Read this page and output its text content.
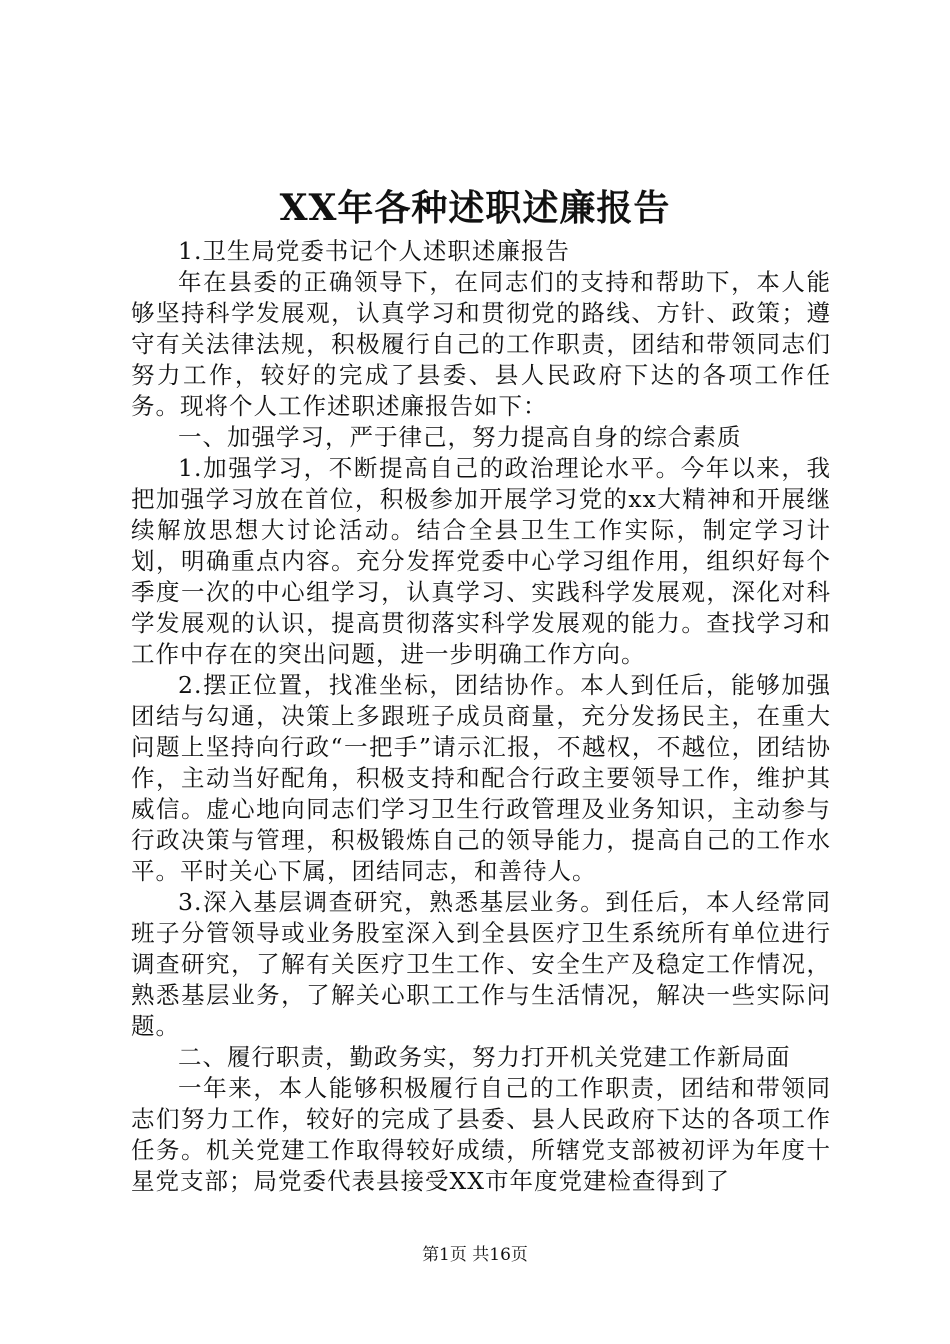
XX年各种述职述廉报告

1.卫生局党委书记个人述职述廉报告

年在县委的正确领导下，在同志们的支持和帮助下，本人能够坚持科学发展观，认真学习和贯彻党的路线、方针、政策；遵守有关法律法规，积极履行自己的工作职责，团结和带领同志们努力工作，较好的完成了县委、县人民政府下达的各项工作任务。现将个人工作述职述廉报告如下：

一、加强学习，严于律己，努力提高自身的综合素质

1.加强学习，不断提高自己的政治理论水平。今年以来，我把加强学习放在首位，积极参加开展学习党的xx大精神和开展继续解放思想大讨论活动。结合全县卫生工作实际，制定学习计划，明确重点内容。充分发挥党委中心学习组作用，组织好每个季度一次的中心组学习，认真学习、实践科学发展观，深化对科学发展观的认识，提高贯彻落实科学发展观的能力。查找学习和工作中存在的突出问题，进一步明确工作方向。

2.摆正位置，找准坐标，团结协作。本人到任后，能够加强团结与勾通，决策上多跟班子成员商量，充分发扬民主，在重大问题上坚持向行政“一把手”请示汇报，不越权，不越位，团结协作，主动当好配角，积极支持和配合行政主要领导工作，维护其威信。虚心地向同志们学习卫生行政管理及业务知识，主动参与行政决策与管理，积极锻炼自己的领导能力，提高自己的工作水平。平时关心下属，团结同志，和善待人。

3.深入基层调查研究，熟悉基层业务。到任后，本人经常同班子分管领导或业务股室深入到全县医疗卫生系统所有单位进行调查研究，了解有关医疗卫生工作、安全生产及稳定工作情况，熟悉基层业务，了解关心职工工作与生活情况，解决一些实际问题。

二、履行职责，勤政务实，努力打开机关党建工作新局面

一年来，本人能够积极履行自己的工作职责，团结和带领同志们努力工作，较好的完成了县委、县人民政府下达的各项工作任务。机关党建工作取得较好成绩，所辖党支部被初评为年度十星党支部；局党委代表县接受XX市年度党建检查得到了

第1页 共16页
